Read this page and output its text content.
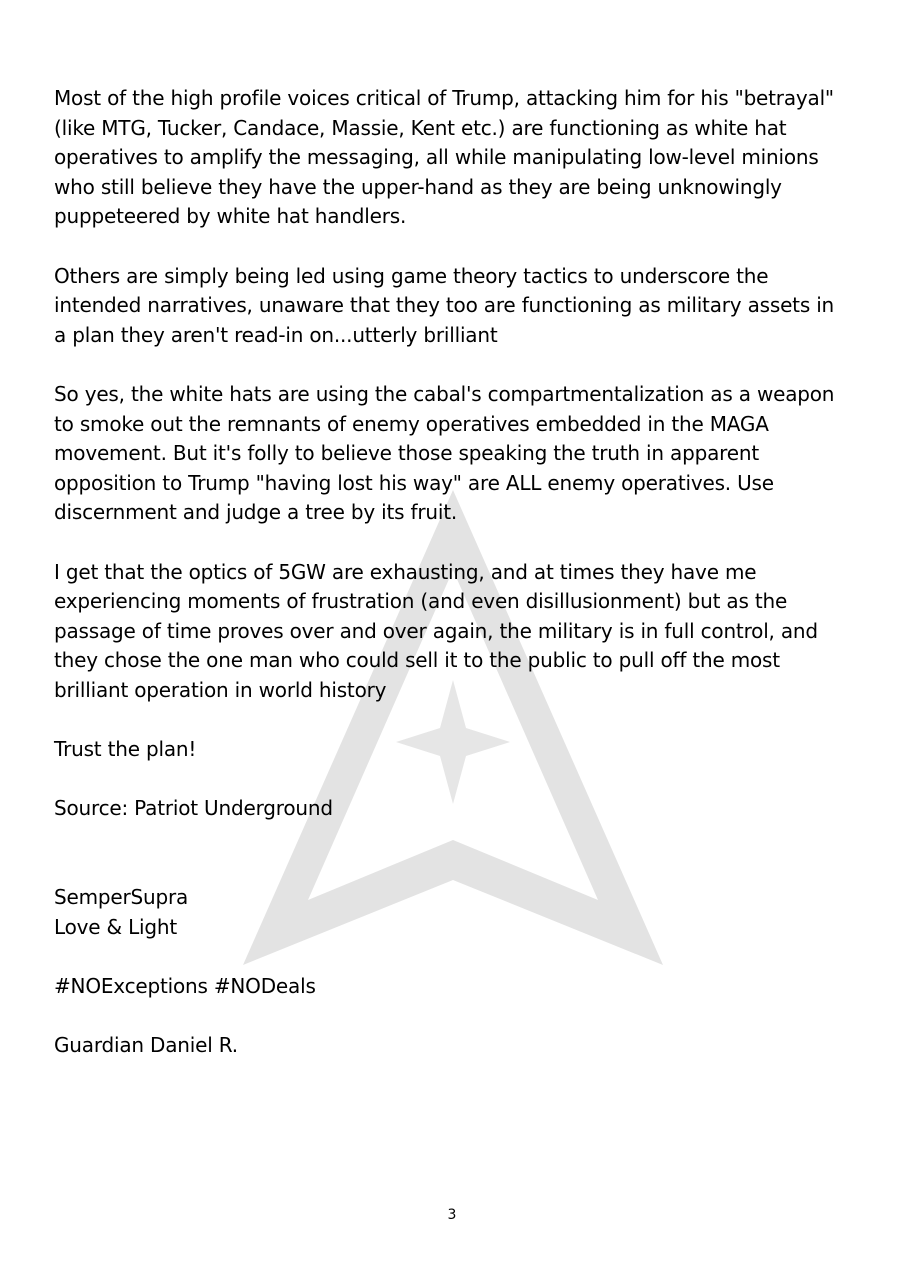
Most of the high profile voices critical of Trump, attacking him for his "betrayal"
(like MTG, Tucker, Candace, Massie, Kent etc.) are functioning as white hat
operatives to amplify the messaging, all while manipulating low-level minions
who still believe they have the upper-hand as they are being unknowingly
puppeteered by white hat handlers.

Others are simply being led using game theory tactics to underscore the
intended narratives, unaware that they too are functioning as military assets in
a plan they aren't read-in on...utterly brilliant

So yes, the white hats are using the cabal's compartmentalization as a weapon
to smoke out the remnants of enemy operatives embedded in the MAGA
movement. But it's folly to believe those speaking the truth in apparent
opposition to Trump "having lost his way" are ALL enemy operatives. Use
discernment and judge a tree by its fruit.

I get that the optics of 5GW are exhausting, and at times they have me
experiencing moments of frustration (and even disillusionment) but as the
passage of time proves over and over again, the military is in full control, and
they chose the one man who could sell it to the public to pull off the most
brilliant operation in world history

Trust the plan!

Source: Patriot Underground

SemperSupra

Love & Light

#NOExceptions #NODeals

Guardian Daniel R.

3
